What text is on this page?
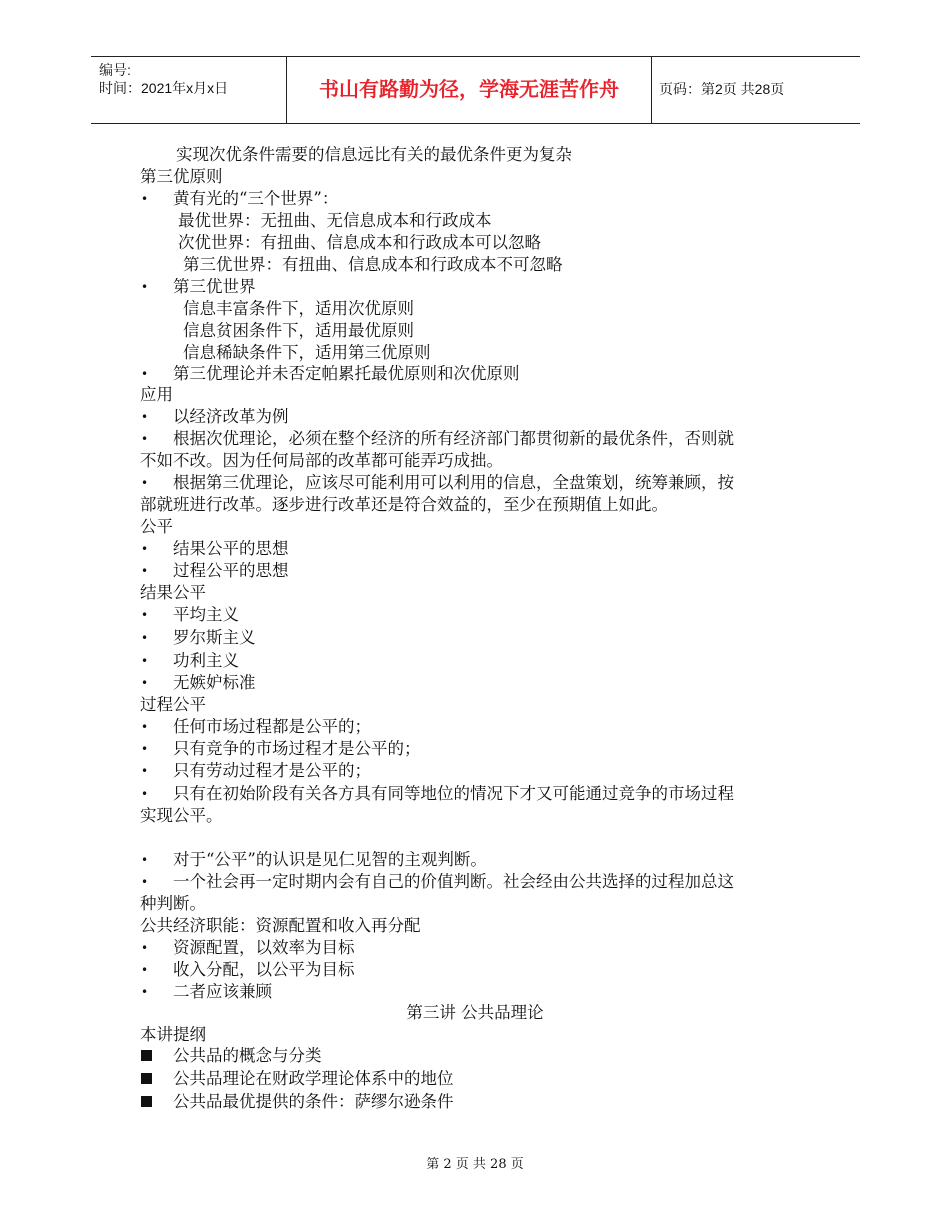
编号:
时间：2021年x月x日	书山有路勤为径，学海无涯苦作舟	页码：第2页 共28页
实现次优条件需要的信息远比有关的最优条件更为复杂
第三优原则
• 黄有光的“三个世界”：
最优世界：无扭曲、无信息成本和行政成本
次优世界：有扭曲、信息成本和行政成本可以忽略
第三优世界：有扭曲、信息成本和行政成本不可忽略
• 第三优世界
信息丰富条件下，适用次优原则
信息贫困条件下，适用最优原则
信息稀缺条件下，适用第三优原则
• 第三优理论并未否定帕累托最优原则和次优原则
应用
• 以经济改革为例
• 根据次优理论，必须在整个经济的所有经济部门都贯彻新的最优条件，否则就
不如不改。因为任何局部的改革都可能弄巧成拙。
• 根据第三优理论，应该尽可能利用可以利用的信息，全盘策划，统筹兼顾，按
部就班进行改革。逐步进行改革还是符合效益的，至少在预期值上如此。
公平
• 结果公平的思想
• 过程公平的思想
结果公平
• 平均主义
• 罗尔斯主义
• 功利主义
• 无嫉妒标准
过程公平
• 任何市场过程都是公平的；
• 只有竞争的市场过程才是公平的；
• 只有劳动过程才是公平的；
• 只有在初始阶段有关各方具有同等地位的情况下才又可能通过竞争的市场过程
实现公平。
• 对于“公平”的认识是见仁见智的主观判断。
• 一个社会再一定时期内会有自己的价值判断。社会经由公共选择的过程加总这
种判断。
公共经济职能：资源配置和收入再分配
• 资源配置，以效率为目标
• 收入分配，以公平为目标
• 二者应该兼顾
第三讲 公共品理论
本讲提纲
公共品的概念与分类
公共品理论在财政学理论体系中的地位
公共品最优提供的条件：萨缪尔逊条件
第 2 页 共 28 页
